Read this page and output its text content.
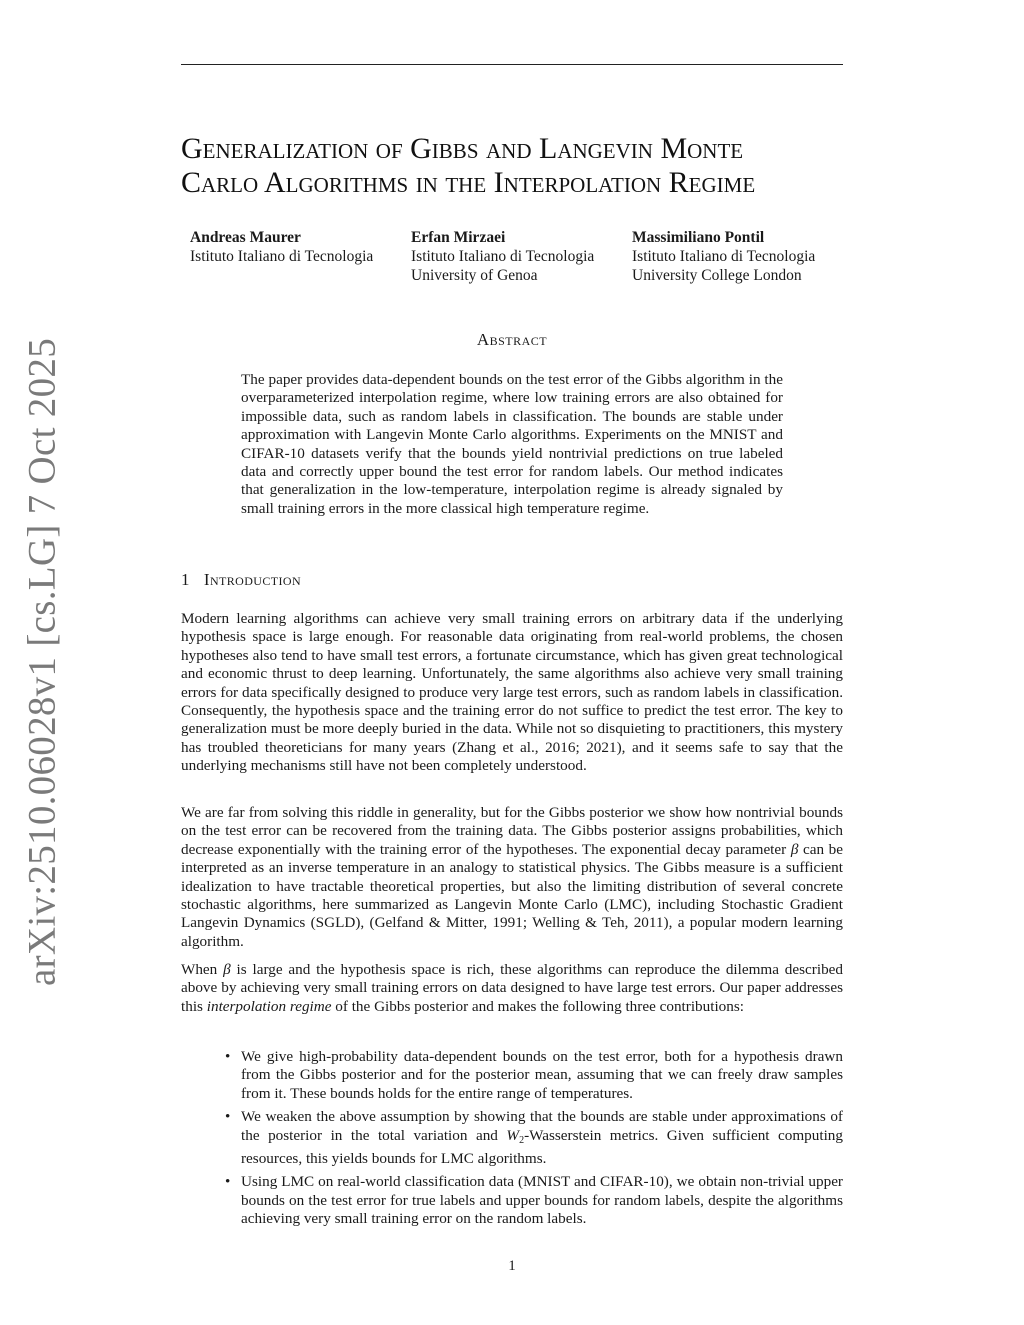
arXiv:2510.06028v1 [cs.LG] 7 Oct 2025
Generalization of Gibbs and Langevin Monte
Carlo Algorithms in the Interpolation Regime
Andreas Maurer
Istituto Italiano di Tecnologia
Erfan Mirzaei
Istituto Italiano di Tecnologia
University of Genoa
Massimiliano Pontil
Istituto Italiano di Tecnologia
University College London
Abstract
The paper provides data-dependent bounds on the test error of the Gibbs algorithm in the overparameterized interpolation regime, where low training errors are also obtained for impossible data, such as random labels in classification. The bounds are stable under approximation with Langevin Monte Carlo algorithms. Experiments on the MNIST and CIFAR-10 datasets verify that the bounds yield nontrivial predictions on true labeled data and correctly upper bound the test error for random labels. Our method indicates that generalization in the low-temperature, interpolation regime is already signaled by small training errors in the more classical high temperature regime.
1 Introduction

Modern learning algorithms can achieve very small training errors on arbitrary data if the underlying hypothesis space is large enough. For reasonable data originating from real-world problems, the chosen hypotheses also tend to have small test errors, a fortunate circumstance, which has given great technological and economic thrust to deep learning. Unfortunately, the same algorithms also achieve very small training errors for data specifically designed to produce very large test errors, such as random labels in classification. Consequently, the hypothesis space and the training error do not suffice to predict the test error. The key to generalization must be more deeply buried in the data. While not so disquieting to practitioners, this mystery has troubled theoreticians for many years (Zhang et al., 2016; 2021), and it seems safe to say that the underlying mechanisms still have not been completely understood.

We are far from solving this riddle in generality, but for the Gibbs posterior we show how nontrivial bounds on the test error can be recovered from the training data. The Gibbs posterior assigns probabilities, which decrease exponentially with the training error of the hypotheses. The exponential decay parameter β can be interpreted as an inverse temperature in an analogy to statistical physics. The Gibbs measure is a sufficient idealization to have tractable theoretical properties, but also the limiting distribution of several concrete stochastic algorithms, here summarized as Langevin Monte Carlo (LMC), including Stochastic Gradient Langevin Dynamics (SGLD), (Gelfand & Mitter, 1991; Welling & Teh, 2011), a popular modern learning algorithm.

When β is large and the hypothesis space is rich, these algorithms can reproduce the dilemma described above by achieving very small training errors on data designed to have large test errors. Our paper addresses this interpolation regime of the Gibbs posterior and makes the following three contributions:

• We give high-probability data-dependent bounds on the test error, both for a hypothesis drawn from the Gibbs posterior and for the posterior mean, assuming that we can freely draw samples from it. These bounds holds for the entire range of temperatures.
• We weaken the above assumption by showing that the bounds are stable under approximations of the posterior in the total variation and $W_2$-Wasserstein metrics. Given sufficient computing resources, this yields bounds for LMC algorithms.
• Using LMC on real-world classification data (MNIST and CIFAR-10), we obtain non-trivial upper bounds on the test error for true labels and upper bounds for random labels, despite the algorithms achieving very small training error on the random labels.
1
